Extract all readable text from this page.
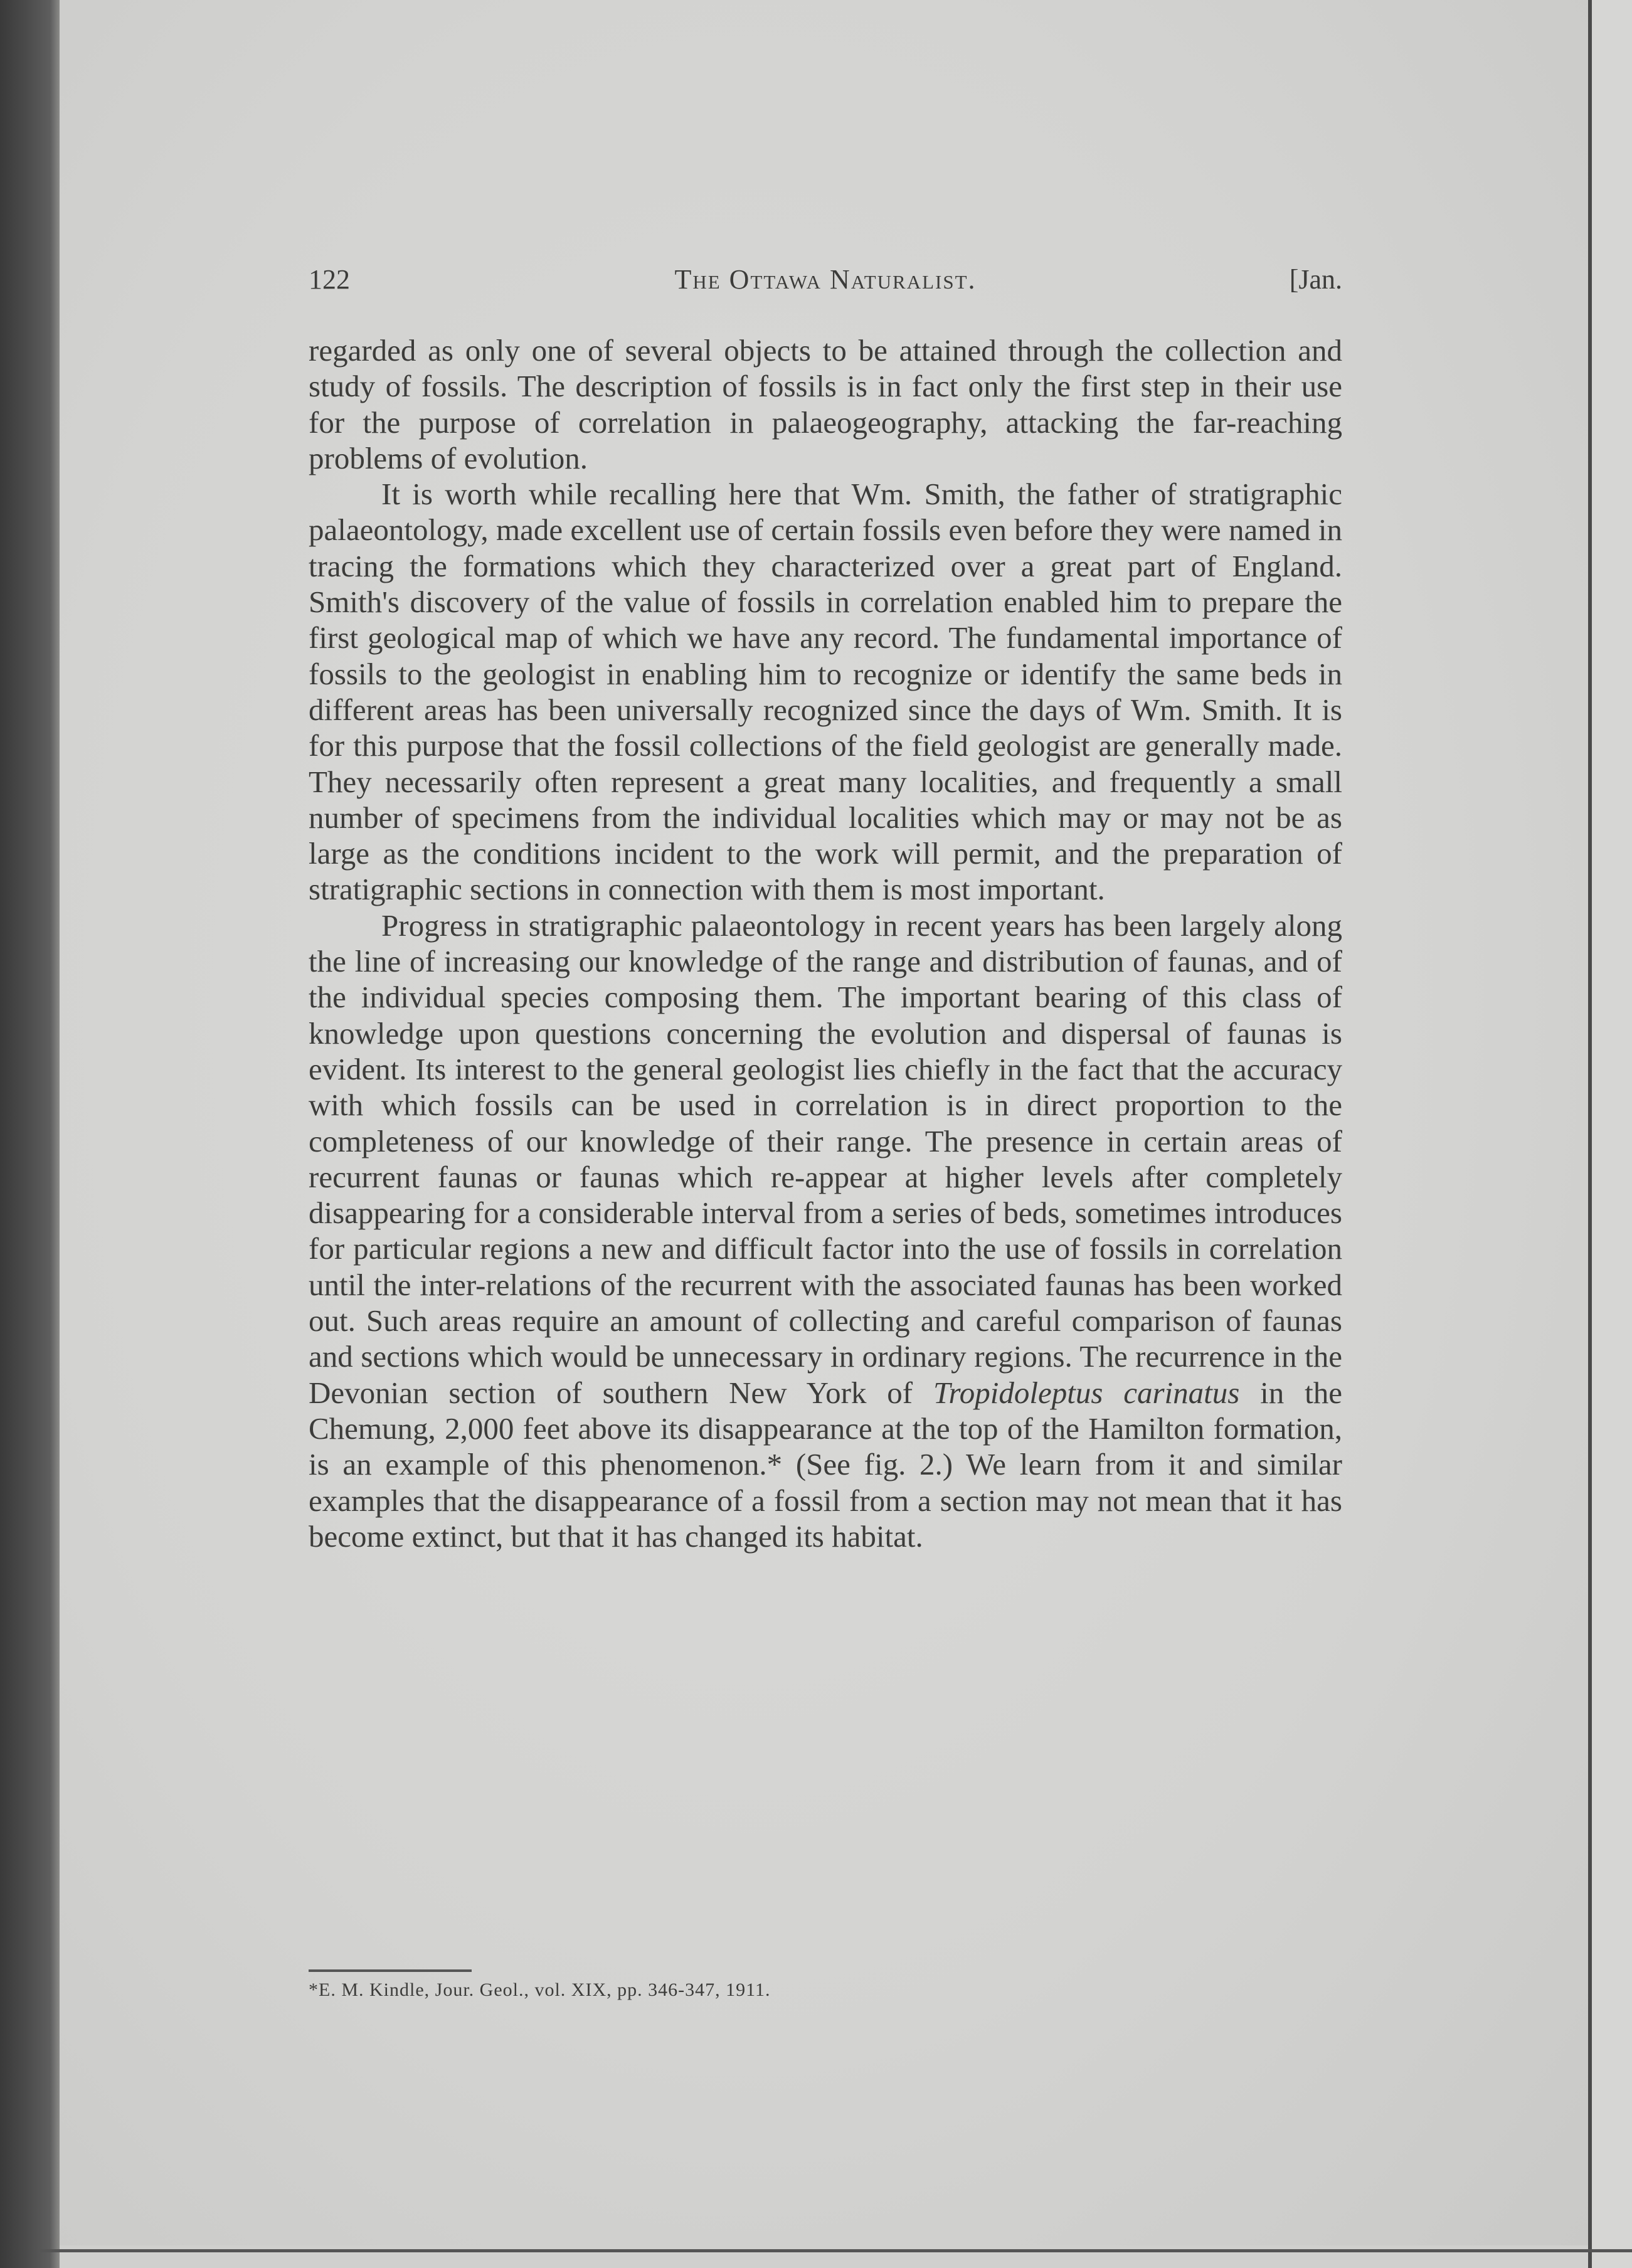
122	The Ottawa Naturalist.	[Jan.

regarded as only one of several objects to be attained through the collection and study of fossils. The description of fossils is in fact only the first step in their use for the purpose of correlation in palaeogeography, attacking the far-reaching problems of evolution.

It is worth while recalling here that Wm. Smith, the father of stratigraphic palaeontology, made excellent use of certain fossils even before they were named in tracing the formations which they characterized over a great part of England. Smith's discovery of the value of fossils in correlation enabled him to prepare the first geological map of which we have any record. The fundamental importance of fossils to the geologist in enabling him to recognize or identify the same beds in different areas has been universally recognized since the days of Wm. Smith. It is for this purpose that the fossil collections of the field geologist are generally made. They necessarily often represent a great many localities, and frequently a small number of specimens from the individual localities which may or may not be as large as the conditions incident to the work will permit, and the preparation of stratigraphic sections in connection with them is most important.

Progress in stratigraphic palaeontology in recent years has been largely along the line of increasing our knowledge of the range and distribution of faunas, and of the individual species composing them. The important bearing of this class of knowledge upon questions concerning the evolution and dispersal of faunas is evident. Its interest to the general geologist lies chiefly in the fact that the accuracy with which fossils can be used in correlation is in direct proportion to the completeness of our knowledge of their range. The presence in certain areas of recurrent faunas or faunas which re-appear at higher levels after completely disappearing for a considerable interval from a series of beds, sometimes introduces for particular regions a new and difficult factor into the use of fossils in correlation until the inter-relations of the recurrent with the associated faunas has been worked out. Such areas require an amount of collecting and careful comparison of faunas and sections which would be unnecessary in ordinary regions. The recurrence in the Devonian section of southern New York of Tropidoleptus carinatus in the Chemung, 2,000 feet above its disappearance at the top of the Hamilton formation, is an example of this phenomenon.* (See fig. 2.) We learn from it and similar examples that the disappearance of a fossil from a section may not mean that it has become extinct, but that it has changed its habitat.

*E. M. Kindle, Jour. Geol., vol. XIX, pp. 346-347, 1911.
